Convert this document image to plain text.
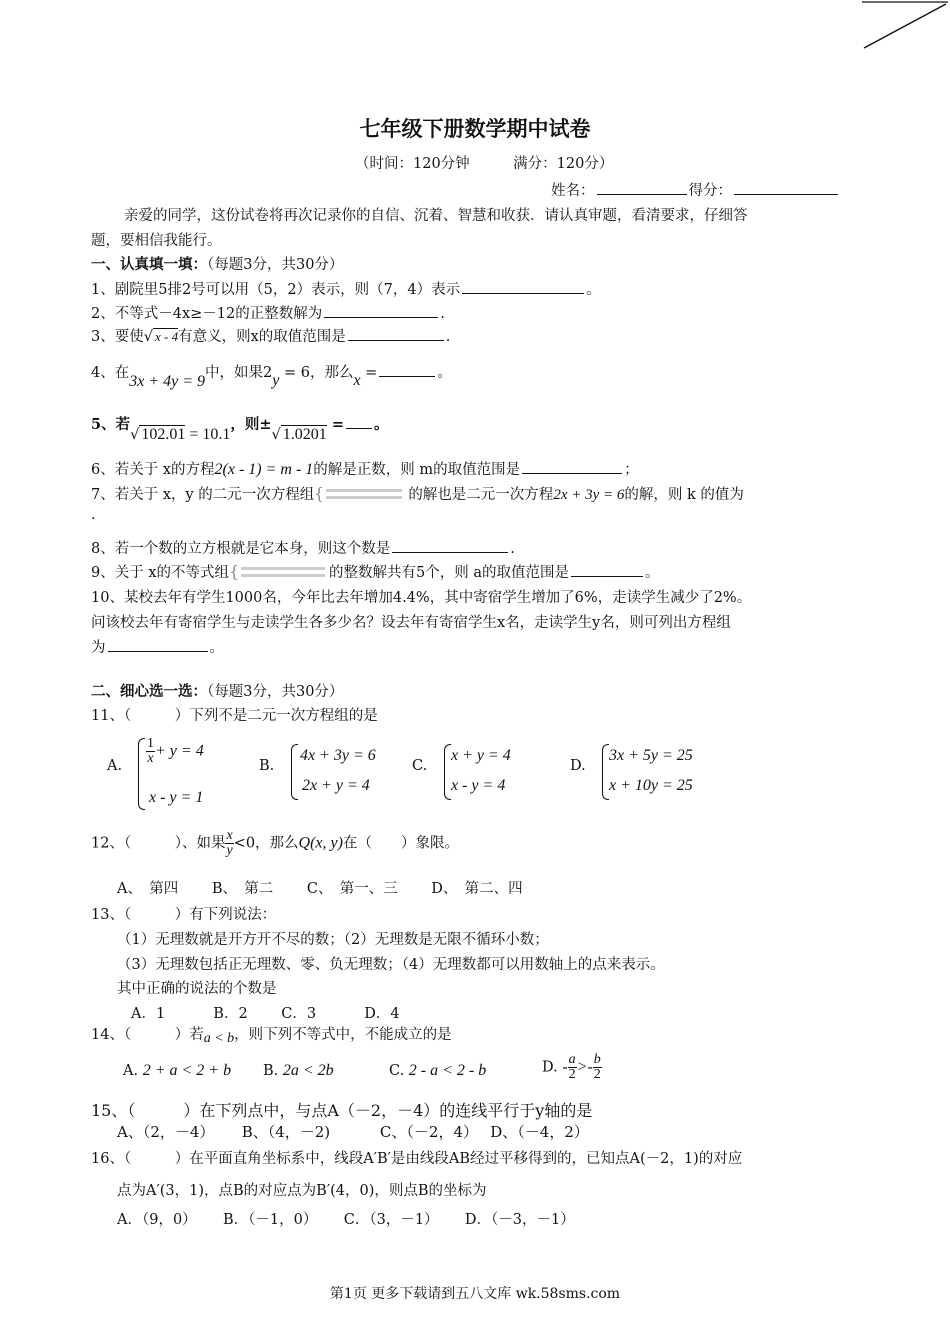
七年级下册数学期中试卷
（时间：120分钟　　　满分：120分）
姓名：	得分：
亲爱的同学，这份试卷将再次记录你的自信、沉着、智慧和收获．请认真审题，看清要求，仔细答
题，要相信我能行。
一、认真填一填：（每题3分，共30分）
1、剧院里5排2号可以用（5，2）表示，则（7，4）表示	。
2、不等式－4x≥－12的正整数解为	.
3、要使√ x - 4有意义，则x的取值范围是	.
4、在3x + 4y = 9中，如果2y = 6，那么x =	。
5、若√ 102.01 = 10.1，则±√ 1.0201 = 。
6、若关于 x的方程2(x - 1) = m - 1的解是正数，则 m的取值范围是	；
7、若关于 x，y 的二元一次方程组 {	的解也是二元一次方程2x + 3y = 6的解，则 k 的值为
.
8、若一个数的立方根就是它本身，则这个数是	.
9、关于 x的不等式组 {	的整数解共有5个，则 a的取值范围是	。
10、某校去年有学生1000名，今年比去年增加4.4%，其中寄宿学生增加了6%，走读学生减少了2%。
问该校去年有寄宿学生与走读学生各多少名？设去年有寄宿学生x名，走读学生y名，则可列出方程组
为	。
二、细心选一选：（每题3分，共30分）
11、（　　　）下列不是二元一次方程组的是
A. $\frac{1}{x} + y = 4$
x - y = 1
B.
4x + 3y = 6
2x + y = 4
C.
x + y = 4
x - y = 4
D.
3x + 5y = 25
x + 10y = 25
12、（　　　）、如果 $\frac{x}{y} <0$，那么Q(x, y)在（　　）象限。
A、　第四　　 B、　第二　　 C、　第一、三　　 D、　第二、四
13、（　　　）有下列说法：
（1）无理数就是开方开不尽的数；（2）无理数是无限不循环小数；
（3）无理数包括正无理数、零、负无理数；（4）无理数都可以用数轴上的点来表示。
其中正确的说法的个数是
A．1　　　 B．2　　 C．3　　　 D．4
14、（　　　）若a < b，则下列不等式中，不能成立的是
A. 2 + a < 2 + b B. 2a < 2b	C. 2 - a < 2 - b	D. - $\frac{a}{2} >- \frac{b}{2}$
15、（　　　）在下列点中，与点A（－2，－4）的连线平行于y轴的是
A、（2，－4）　　 B、（4，－2)　　　 C、（－2，4）　 D、（－4，2）
16、（　　　）在平面直角坐标系中，线段A′B′是由线段AB经过平移得到的，已知点A(－2，1)的对应
点为A′(3，1)，点B的对应点为B′(4，0)，则点B的坐标为
A．（9，0）　　 B．（－1，0）　　 C．（3，－1）　　 D．（－3，－1）
第1页 更多下载请到五八文库 wk.58sms.com
